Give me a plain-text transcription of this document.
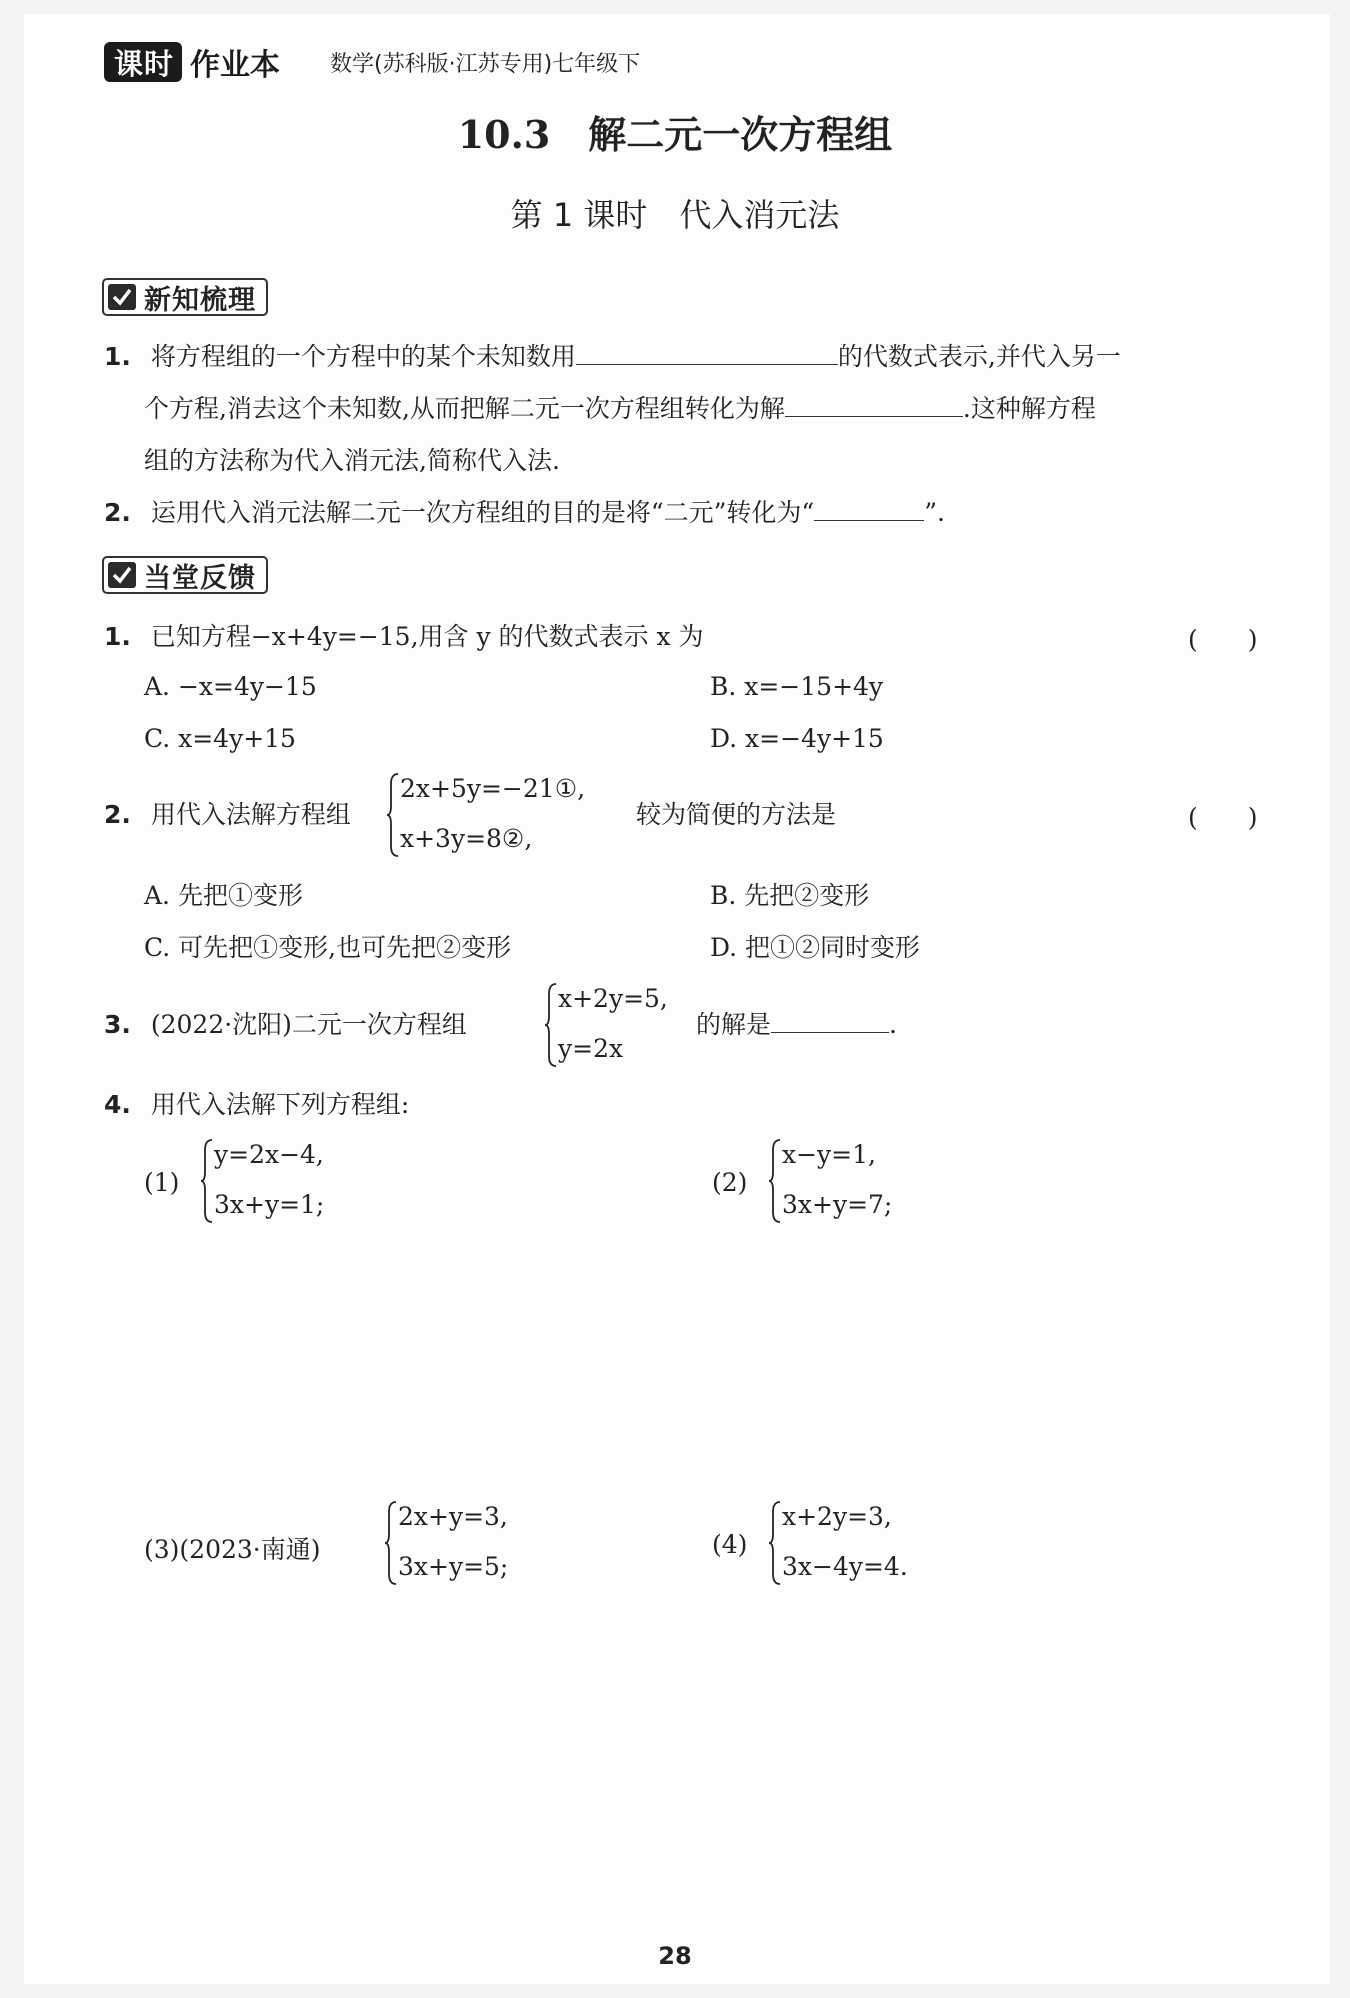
课时 作业本 数学(苏科版·江苏专用)七年级下
10.3　解二元一次方程组
第 1 课时　代入消元法
新知梳理
1. 将方程组的一个方程中的某个未知数用	的代数式表示,并代入另一
个方程,消去这个未知数,从而把解二元一次方程组转化为解	.这种解方程
组的方法称为代入消元法,简称代入法.
2. 运用代入消元法解二元一次方程组的目的是将“二元”转化为“	”.
当堂反馈
1. 已知方程−x+4y=−15,用含 y 的代数式表示 x 为	(　　)
A. −x=4y−15	B. x=−15+4y
C. x=4y+15	D. x=−4y+15
2. 用代入法解方程组
2x+5y=−21①,
x+3y=8②,
较为简便的方法是	(　　)
A. 先把①变形	B. 先把②变形
C. 可先把①变形,也可先把②变形	D. 把①②同时变形
3. (2022·沈阳)二元一次方程组
x+2y=5,
y=2x
的解是	.
4. 用代入法解下列方程组:
(1)
y=2x−4,
3x+y=1;
(2)
x−y=1,
3x+y=7;
(3)(2023·南通)
2x+y=3,
3x+y=5;
(4)
x+2y=3,
3x−4y=4.
28
